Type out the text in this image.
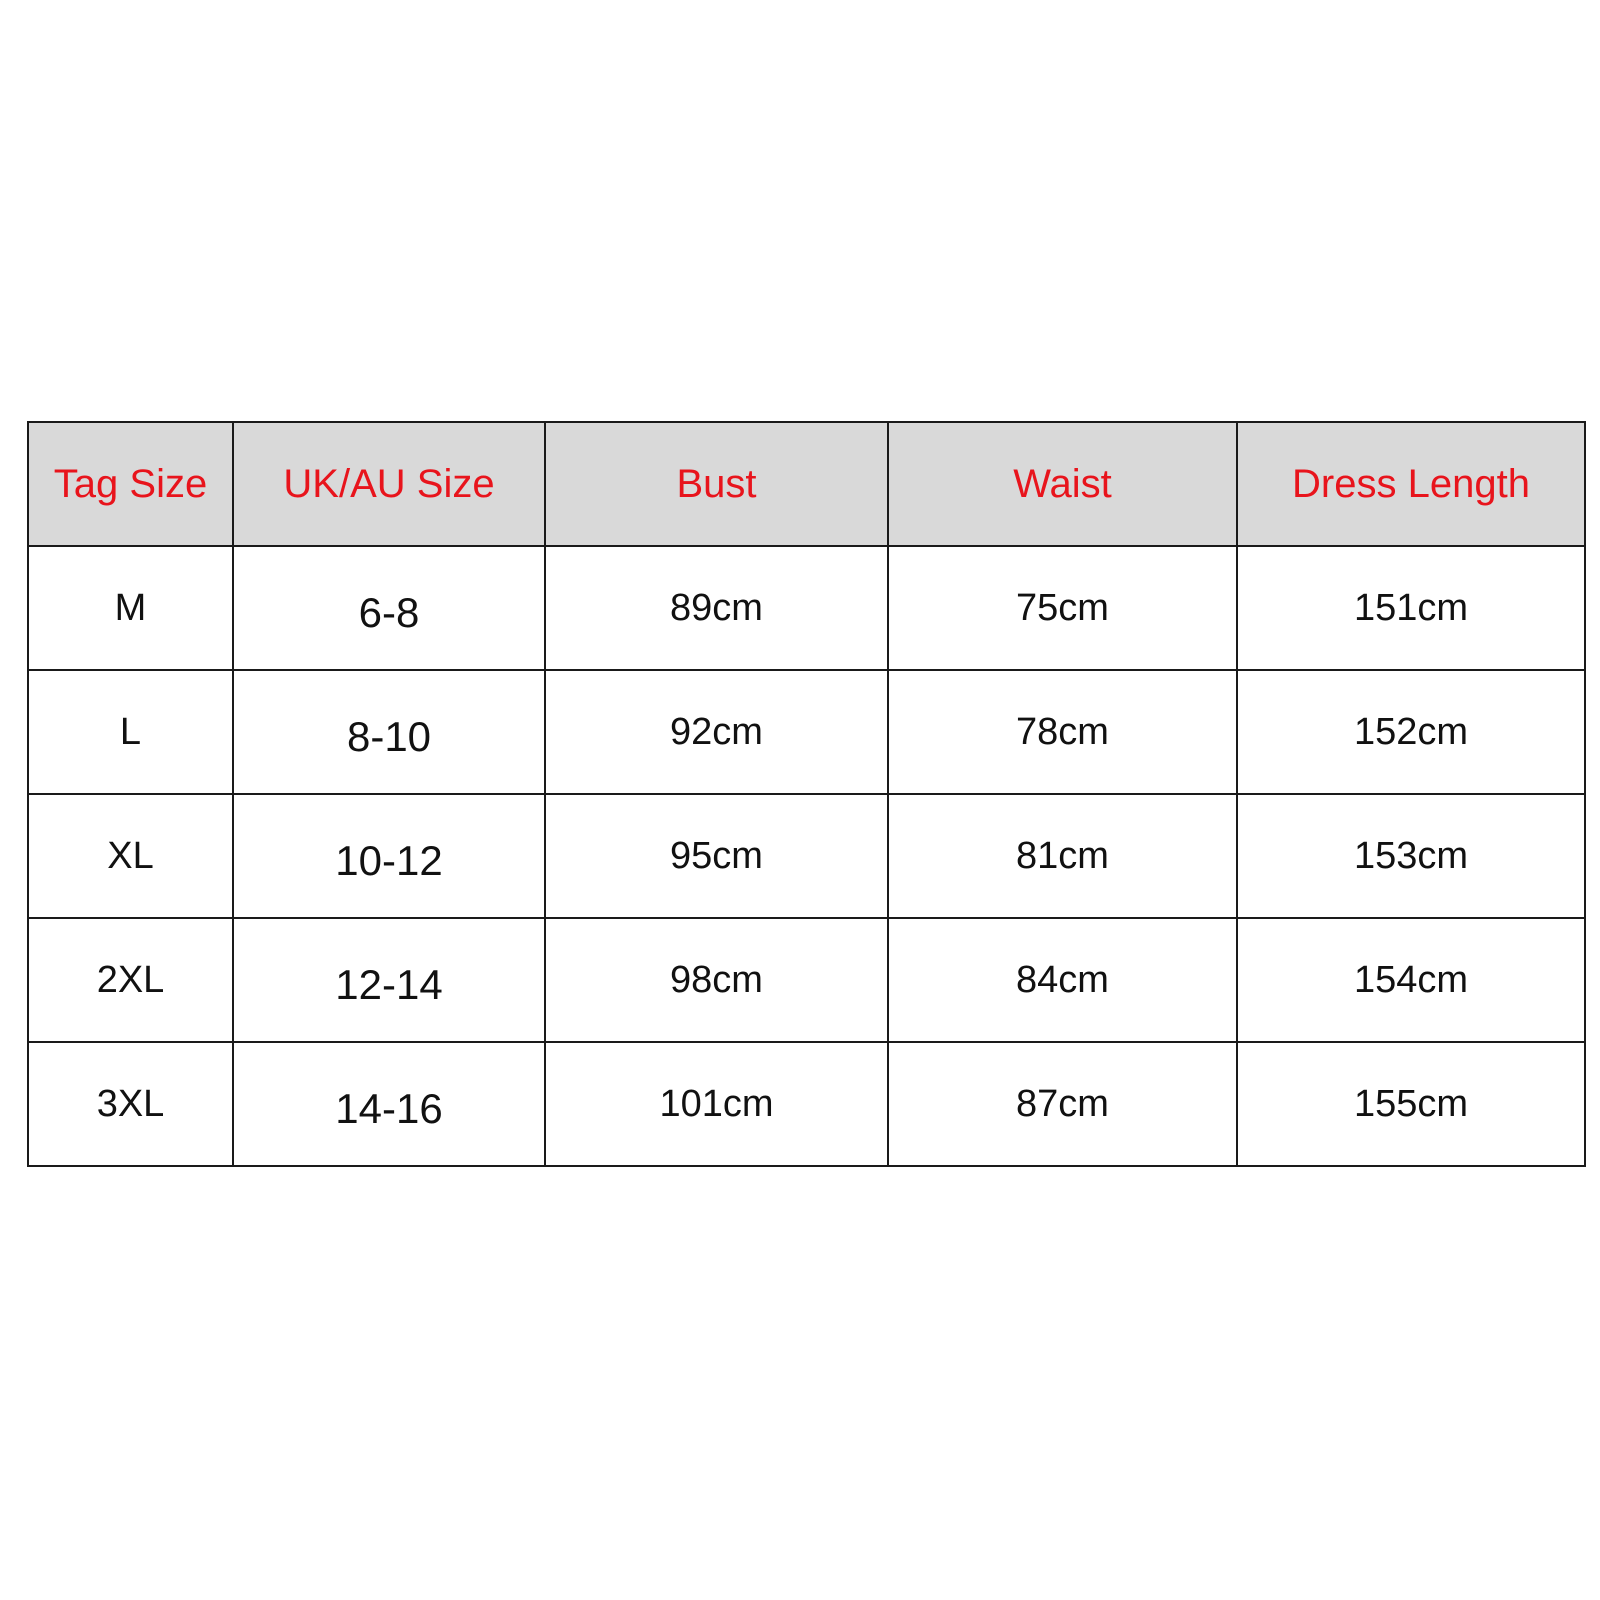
Tag Size	UK/AU Size	Bust	Waist	Dress Length
M	6-8	89cm	75cm	151cm
L	8-10	92cm	78cm	152cm
XL	10-12	95cm	81cm	153cm
2XL	12-14	98cm	84cm	154cm
3XL	14-16	101cm	87cm	155cm
